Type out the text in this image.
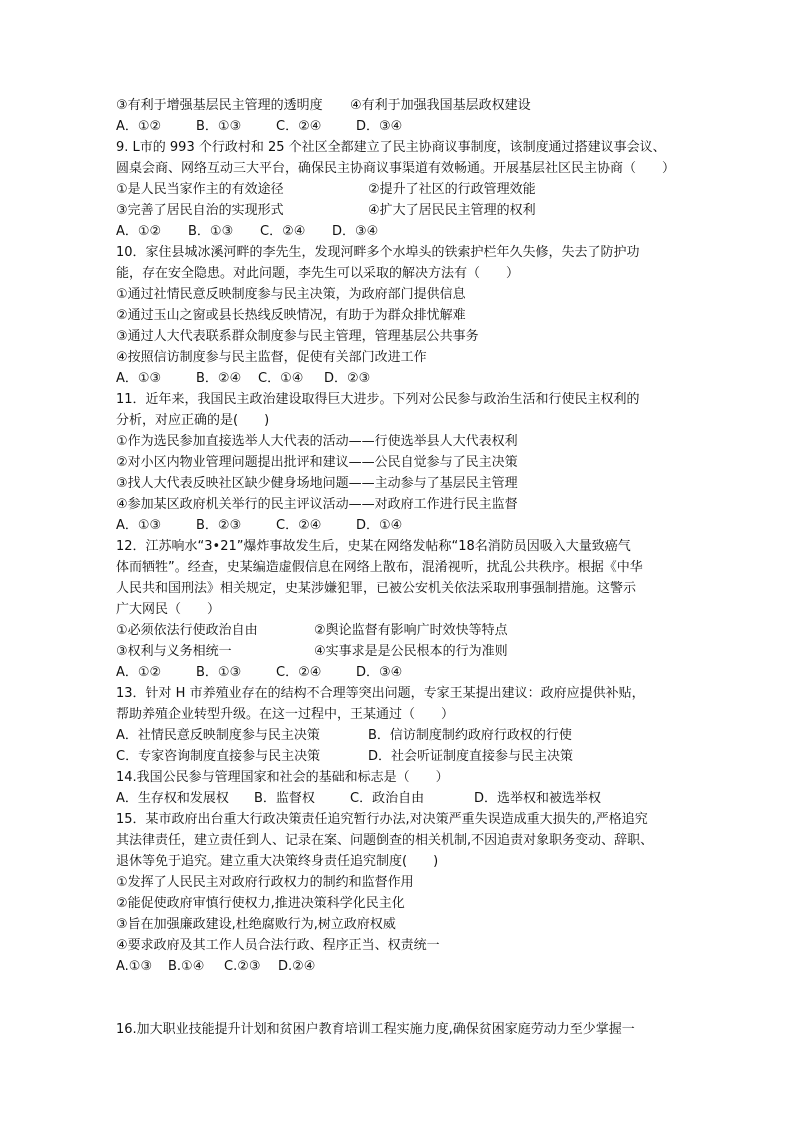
③有利于增强基层民主管理的透明度 ④有利于加强我国基层政权建设
A．①②	B．①③	C．②④	D．③④
9. L市的 993 个行政村和 25 个社区全都建立了民主协商议事制度，该制度通过搭建议事会议、
圆桌会商、网络互动三大平台，确保民主协商议事渠道有效畅通。开展基层社区民主协商（　　）
①是人民当家作主的有效途径	②提升了社区的行政管理效能
③完善了居民自治的实现形式	④扩大了居民民主管理的权利
A．①② B．①③ C．②④ D．③④
10．家住县城冰溪河畔的李先生，发现河畔多个水埠头的铁索护栏年久失修，失去了防护功
能，存在安全隐患。对此问题，李先生可以采取的解决方法有（　　）
①通过社情民意反映制度参与民主决策，为政府部门提供信息
②通过玉山之窗或县长热线反映情况，有助于为群众排忧解难
③通过人大代表联系群众制度参与民主管理，管理基层公共事务
④按照信访制度参与民主监督，促使有关部门改进工作
A．①③	B．②④ C．①④ D．②③
11．近年来，我国民主政治建设取得巨大进步。下列对公民参与政治生活和行使民主权利的
分析，对应正确的是(　　)
①作为选民参加直接选举人大代表的活动——行使选举县人大代表权利
②对小区内物业管理问题提出批评和建议——公民自觉参与了民主决策
③找人大代表反映社区缺少健身场地问题——主动参与了基层民主管理
④参加某区政府机关举行的民主评议活动——对政府工作进行民主监督
A．①③	B．②③	C．②④	D．①④
12．江苏响水“3•21”爆炸事故发生后，史某在网络发帖称“18名消防员因吸入大量致癌气
体而牺牲”。经查，史某编造虚假信息在网络上散布，混淆视听，扰乱公共秩序。根据《中华
人民共和国刑法》相关规定，史某涉嫌犯罪，已被公安机关依法采取刑事强制措施。这警示
广大网民（　　）
①必须依法行使政治自由	②舆论监督有影响广时效快等特点
③权利与义务相统一	④实事求是是公民根本的行为准则
A．①②	B．①③	C．②④	D．③④
13．针对 H 市养殖业存在的结构不合理等突出问题，专家王某提出建议：政府应提供补贴，
帮助养殖企业转型升级。在这一过程中，王某通过（　　）
A．社情民意反映制度参与民主决策	B．信访制度制约政府行政权的行使
C．专家咨询制度直接参与民主决策	D．社会听证制度直接参与民主决策
14.我国公民参与管理国家和社会的基础和标志是（　　）
A．生存权和发展权 B．监督权	C．政治自由	D．选举权和被选举权
15．某市政府出台重大行政决策责任追究暂行办法,对决策严重失误造成重大损失的,严格追究
其法律责任，建立责任到人、记录在案、问题倒查的相关机制,不因追责对象职务变动、辞职、
退休等免于追究。建立重大决策终身责任追究制度(　　)
①发挥了人民民主对政府行政权力的制约和监督作用
②能促使政府审慎行使权力,推进决策科学化民主化
③旨在加强廉政建设,杜绝腐败行为,树立政府权威
④要求政府及其工作人员合法行政、程序正当、权责统一
A.①③ B.①④ C.②③ D.②④
16.加大职业技能提升计划和贫困户教育培训工程实施力度,确保贫困家庭劳动力至少掌握一
